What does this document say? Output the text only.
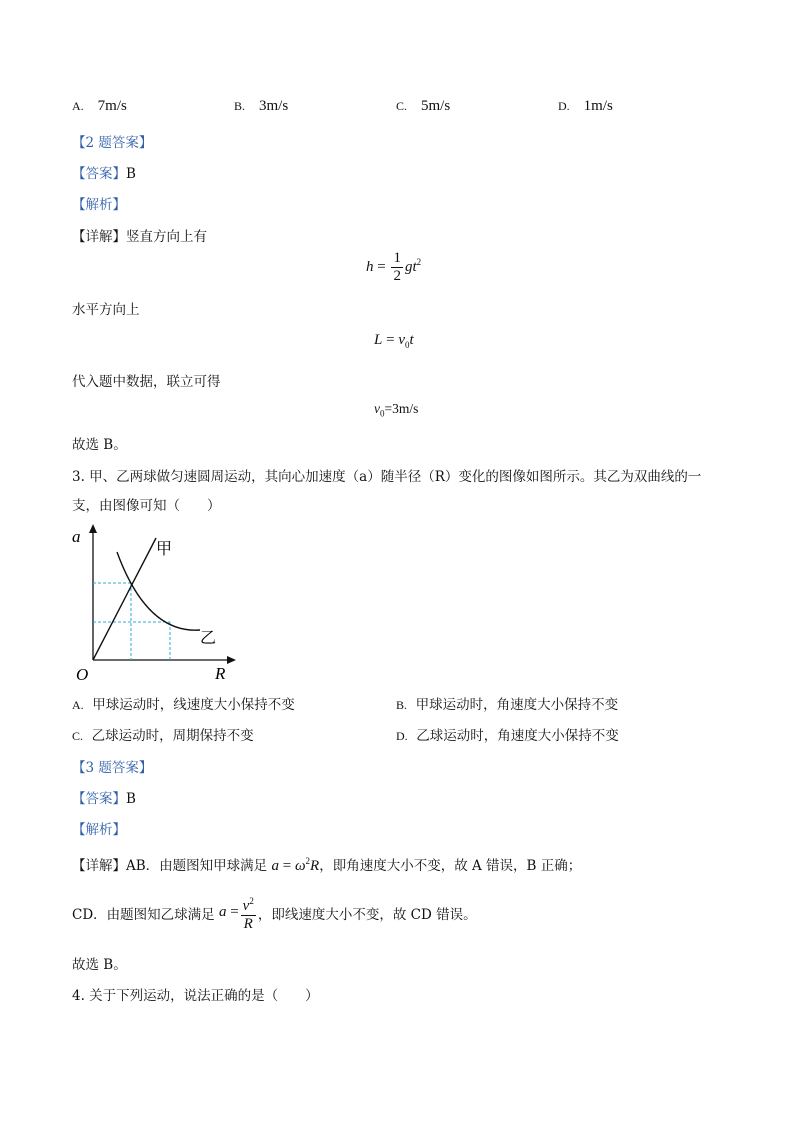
A. 7m/s	B. 3m/s	C. 5m/s	D. 1m/s
【2 题答案】
【答案】B
【解析】
【详解】竖直方向上有
$h = \frac{1}{2} gt^2$
水平方向上
$L = v_0t$
代入题中数据，联立可得
$v_0=3m/s$
故选 B。
3. 甲、乙两球做匀速圆周运动，其向心加速度（a）随半径（R）变化的图像如图所示。其乙为双曲线的一
支，由图像可知（　　）
a
R
O
甲
乙
A. 甲球运动时，线速度大小保持不变	B. 甲球运动时，角速度大小保持不变
C. 乙球运动时，周期保持不变	D. 乙球运动时，角速度大小保持不变
【3 题答案】
【答案】B
【解析】
【详解】AB．由题图知甲球满足 $a = \omega^2R$，即角速度大小不变，故 A 错误，B 正确；
CD．由题图知乙球满足 $a = \frac{v^2}{R}$ ，即线速度大小不变，故 CD 错误。
故选 B。
4. 关于下列运动，说法正确的是（　　）
